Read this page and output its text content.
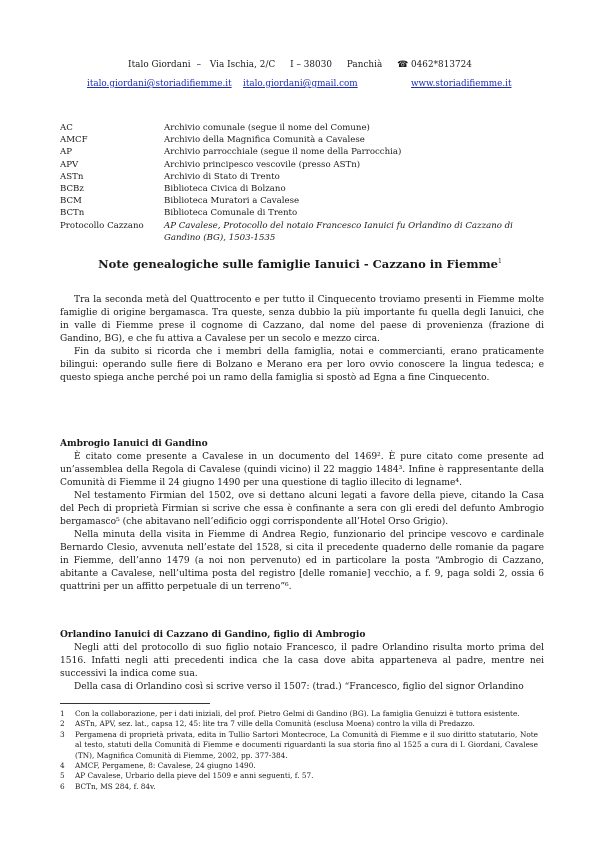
Italo Giordani – Via Ischia, 2/C I – 38030 Panchià ☎ 0462*813724
italo.giordani@storiadifiemme.it italo.giordani@gmail.com	www.storiadifiemme.it
AC	Archivio comunale (segue il nome del Comune)
AMCF	Archivio della Magnifica Comunità a Cavalese
AP	Archivio parrocchiale (segue il nome della Parrocchia)
APV	Archivio principesco vescovile (presso ASTn)
ASTn	Archivio di Stato di Trento
BCBz	Biblioteca Civica di Bolzano
BCM	Biblioteca Muratori a Cavalese
BCTn	Biblioteca Comunale di Trento
Protocollo Cazzano	AP Cavalese, Protocollo del notaio Francesco Ianuici fu Orlandino di Cazzano di Gandino (BG), 1503-1535
Note genealogiche sulle famiglie Ianuici - Cazzano in Fiemme$^1$

Tra la seconda metà del Quattrocento e per tutto il Cinquecento troviamo presenti in Fiemme molte famiglie di origine bergamasca. Tra queste, senza dubbio la più importante fu quella degli Ianuici, che in valle di Fiemme prese il cognome di Cazzano, dal nome del paese di provenienza (frazione di Gandino, BG), e che fu attiva a Cavalese per un secolo e mezzo circa.

Fin da subito si ricorda che i membri della famiglia, notai e commercianti, erano praticamente bilingui: operando sulle fiere di Bolzano e Merano era per loro ovvio conoscere la lingua tedesca; e questo spiega anche perché poi un ramo della famiglia si spostò ad Egna a fine Cinquecento.

Ambrogio Ianuici di Gandino

È citato come presente a Cavalese in un documento del 1469². È pure citato come presente ad un’assemblea della Regola di Cavalese (quindi vicino) il 22 maggio 1484³. Infine è rappresentante della Comunità di Fiemme il 24 giugno 1490 per una questione di taglio illecito di legname⁴.

Nel testamento Firmian del 1502, ove si dettano alcuni legati a favore della pieve, citando la Casa del Pech di proprietà Firmian si scrive che essa è confinante a sera con gli eredi del defunto Ambrogio bergamasco⁵ (che abitavano nell’edificio oggi corrispondente all’Hotel Orso Grigio).

Nella minuta della visita in Fiemme di Andrea Regio, funzionario del principe vescovo e cardinale Bernardo Clesio, avvenuta nell’estate del 1528, si cita il precedente quaderno delle romanie da pagare in Fiemme, dell’anno 1479 (a noi non pervenuto) ed in particolare la posta “Ambrogio di Cazzano, abitante a Cavalese, nell’ultima posta del registro [delle romanie] vecchio, a f. 9, paga soldi 2, ossia 6 quattrini per un affitto perpetuale di un terreno”⁶.

Orlandino Ianuici di Cazzano di Gandino, figlio di Ambrogio

Negli atti del protocollo di suo figlio notaio Francesco, il padre Orlandino risulta morto prima del 1516. Infatti negli atti precedenti indica che la casa dove abita apparteneva al padre, mentre nei successivi la indica come sua.

Della casa di Orlandino così si scrive verso il 1507: (trad.) “Francesco, figlio del signor Orlandino

1	Con la collaborazione, per i dati iniziali, del prof. Pietro Gelmi di Gandino (BG). La famiglia Genuizzi è tuttora esistente.
2	ASTn, APV, sez. lat., capsa 12, 45: lite tra 7 ville della Comunità (esclusa Moena) contro la villa di Predazzo.
3	Pergamena di proprietà privata, edita in Tullio Sartori Montecroce, La Comunità di Fiemme e il suo diritto statutario, Note al testo, statuti della Comunità di Fiemme e documenti riguardanti la sua storia fino al 1525 a cura di I. Giordani, Cavalese (TN), Magnifica Comunità di Fiemme, 2002, pp. 377-384.
4	AMCF, Pergamene, 8: Cavalese, 24 giugno 1490.
5	AP Cavalese, Urbario della pieve del 1509 e anni seguenti, f. 57.
6	BCTn, MS 284, f. 84v.
